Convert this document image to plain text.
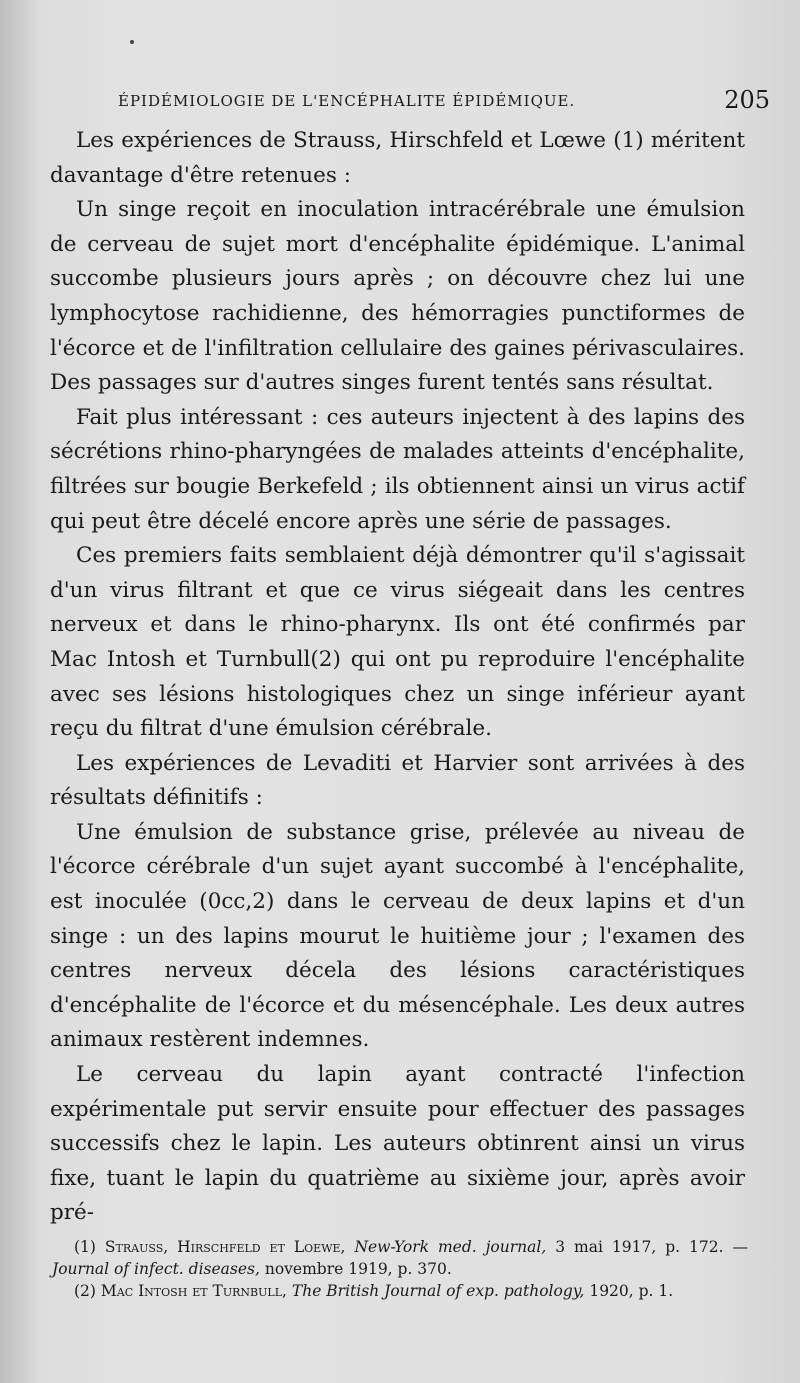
ÉPIDÉMIOLOGIE DE L'ENCÉPHALITE ÉPIDÉMIQUE.	205

Les expériences de Strauss, Hirschfeld et Lœwe (1) méritent davantage d'être retenues :

Un singe reçoit en inoculation intracérébrale une émulsion de cerveau de sujet mort d'encéphalite épidémique. L'animal succombe plusieurs jours après ; on découvre chez lui une lymphocytose rachidienne, des hémorragies punctiformes de l'écorce et de l'infiltration cellulaire des gaines périvasculaires. Des passages sur d'autres singes furent tentés sans résultat.

Fait plus intéressant : ces auteurs injectent à des lapins des sécrétions rhino-pharyngées de malades atteints d'encéphalite, filtrées sur bougie Berkefeld ; ils obtiennent ainsi un virus actif qui peut être décelé encore après une série de passages.

Ces premiers faits semblaient déjà démontrer qu'il s'agissait d'un virus filtrant et que ce virus siégeait dans les centres nerveux et dans le rhino-pharynx. Ils ont été confirmés par Mac Intosh et Turnbull(2) qui ont pu reproduire l'encéphalite avec ses lésions histologiques chez un singe inférieur ayant reçu du filtrat d'une émulsion cérébrale.

Les expériences de Levaditi et Harvier sont arrivées à des résultats définitifs :

Une émulsion de substance grise, prélevée au niveau de l'écorce cérébrale d'un sujet ayant succombé à l'encéphalite, est inoculée (0cc,2) dans le cerveau de deux lapins et d'un singe : un des lapins mourut le huitième jour ; l'examen des centres nerveux décela des lésions caractéristiques d'encéphalite de l'écorce et du mésencéphale. Les deux autres animaux restèrent indemnes.

Le cerveau du lapin ayant contracté l'infection expérimentale put servir ensuite pour effectuer des passages successifs chez le lapin. Les auteurs obtinrent ainsi un virus fixe, tuant le lapin du quatrième au sixième jour, après avoir pré-

(1) Strauss, Hirschfeld et Loewe, New-York med. journal, 3 mai 1917, p. 172. — Journal of infect. diseases, novembre 1919, p. 370.

(2) Mac Intosh et Turnbull, The British Journal of exp. pathology, 1920, p. 1.
